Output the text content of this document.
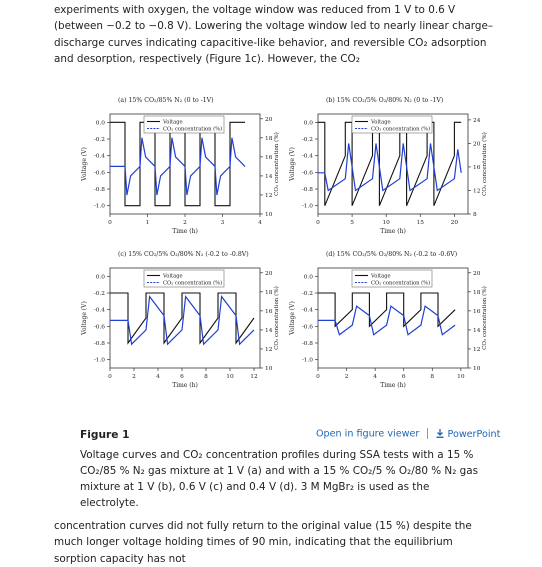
experiments with oxygen, the voltage window was reduced from 1 V to 0.6 V (between −0.2 to −0.8 V). Lowering the voltage window led to nearly linear charge–discharge curves indicating capacitive-like behavior, and reversible CO₂ adsorption and desorption, respectively (Figure 1c). However, the CO₂

(a) 15% CO₂/85% N₂ (0 to -1V)
0.0
-0.2
-0.4
-0.6
-0.8
-1.0
10
12
14
16
18
20
0	1	2	3	4
Time (h)
Voltage (V)	CO₂ concentration (%)
Voltage
CO₂ concentration (%)
(b) 15% CO₂/5% O₂/80% N₂ (0 to -1V)
0.0
-0.2
-0.4
-0.6
-0.8
-1.0
8
12
16
20
24
0	5	10	15	20
Time (h)
Voltage (V)	CO₂ concentration (%)
Voltage
CO₂ concentration (%)
(c) 15% CO₂/5% O₂/80% N₂ (-0.2 to -0.8V)
0.0
-0.2
-0.4
-0.6
-0.8
-1.0
10
12
14
16
18
20
0	2	4	6	8	10	12
Time (h)
Voltage (V)	CO₂ concentration (%)
Voltage
CO₂ concentration (%)
(d) 15% CO₂/5% O₂/80% N₂ (-0.2 to -0.6V)
0.0
-0.2
-0.4
-0.6
-0.8
-1.0
10
12
14
16
18
20
0	2	4	6	8	10
Time (h)
Voltage (V)	CO₂ concentration (%)
Voltage
CO₂ concentration (%)

Figure 1	Open in figure viewer	PowerPoint

Voltage curves and CO₂ concentration profiles during SSA tests with a 15 % CO₂/85 % N₂ gas mixture at 1 V (a) and with a 15 % CO₂/5 % O₂/80 % N₂ gas mixture at 1 V (b), 0.6 V (c) and 0.4 V (d). 3 M MgBr₂ is used as the electrolyte.

concentration curves did not fully return to the original value (15 %) despite the much longer voltage holding times of 90 min, indicating that the equilibrium sorption capacity has not
